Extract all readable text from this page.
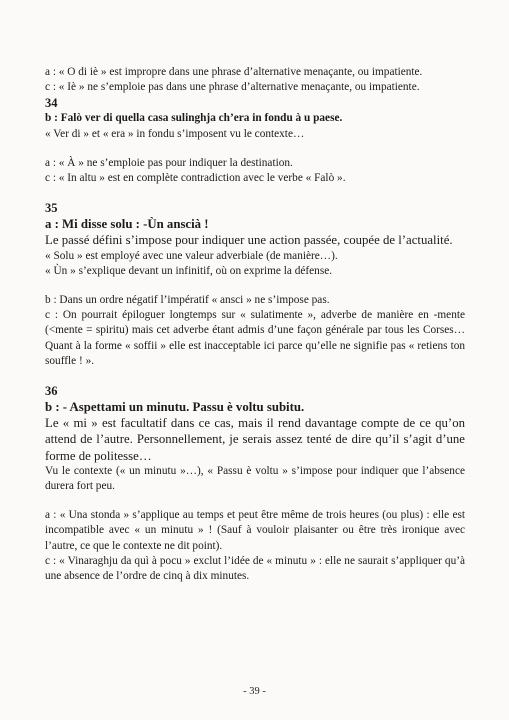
a : « O di iè » est impropre dans une phrase d’alternative menaçante, ou impatiente.

c : « Iè » ne s’emploie pas dans une phrase d’alternative menaçante, ou impatiente.

34

b : Falò ver di quella casa sulinghja ch’era in fondu à u paese.

« Ver di » et « era » in fondu s’imposent vu le contexte…

a : « À » ne s’emploie pas pour indiquer la destination.

c : « In altu » est en complète contradiction avec le verbe « Falò ».

35

a : Mi disse solu : -Ùn anscià !

Le passé défini s’impose pour indiquer une action passée, coupée de l’actualité.

« Solu » est employé avec une valeur adverbiale (de manière…).

« Ùn » s’explique devant un infinitif, où on exprime la défense.

b : Dans un ordre négatif l’impératif « ansci » ne s’impose pas.

c : On pourrait épiloguer longtemps sur « sulatimente », adverbe de manière en -mente (<mente = spiritu) mais cet adverbe étant admis d’une façon générale par tous les Corses… Quant à la forme « soffii » elle est inacceptable ici parce qu’elle ne signifie pas « retiens ton souffle ! ».

36

b : - Aspettami un minutu. Passu è voltu subitu.

Le « mi » est facultatif dans ce cas, mais il rend davantage compte de ce qu’on attend de l’autre. Personnellement, je serais assez tenté de dire qu’il s’agit d’une forme de politesse…

Vu le contexte (« un minutu »…), « Passu è voltu » s’impose pour indiquer que l’absence durera fort peu.

a : « Una stonda » s’applique au temps et peut être même de trois heures (ou plus) : elle est incompatible avec « un minutu » ! (Sauf à vouloir plaisanter ou être très ironique avec l’autre, ce que le contexte ne dit point).

c : « Vinaraghju da quì à pocu » exclut l’idée de « minutu » : elle ne saurait s’appliquer qu’à une absence de l’ordre de cinq à dix minutes.

- 39 -
